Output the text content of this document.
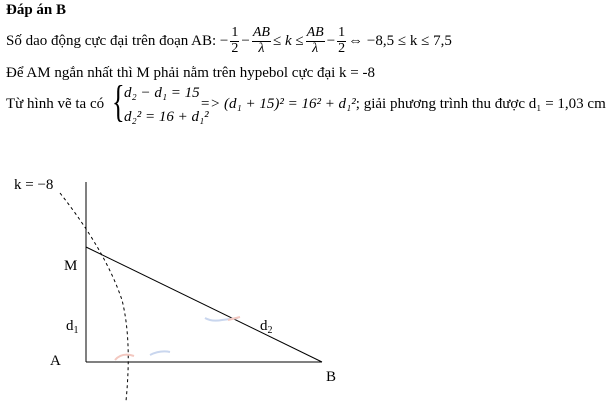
Đáp án B
Số dao động cực đại trên đoạn AB: − $\frac{1}{2} - \frac{AB}{\lambda} \le k \le \frac{AB}{\lambda} - \frac{1}{2}$ ⇔ −8,5 ≤ k ≤ 7,5
Để AM ngắn nhất thì M phải nằm trên hypebol cực đại k = -8
Từ hình vẽ ta có { d₂ − d₁ = 15
d₂² = 16 + d₁²
=> (d₁ + 15)² = 16² + d₁²; giải phương trình thu được d₁ = 1,03 cm
k = −8
M
A
B
$d_1$	$d_2$
